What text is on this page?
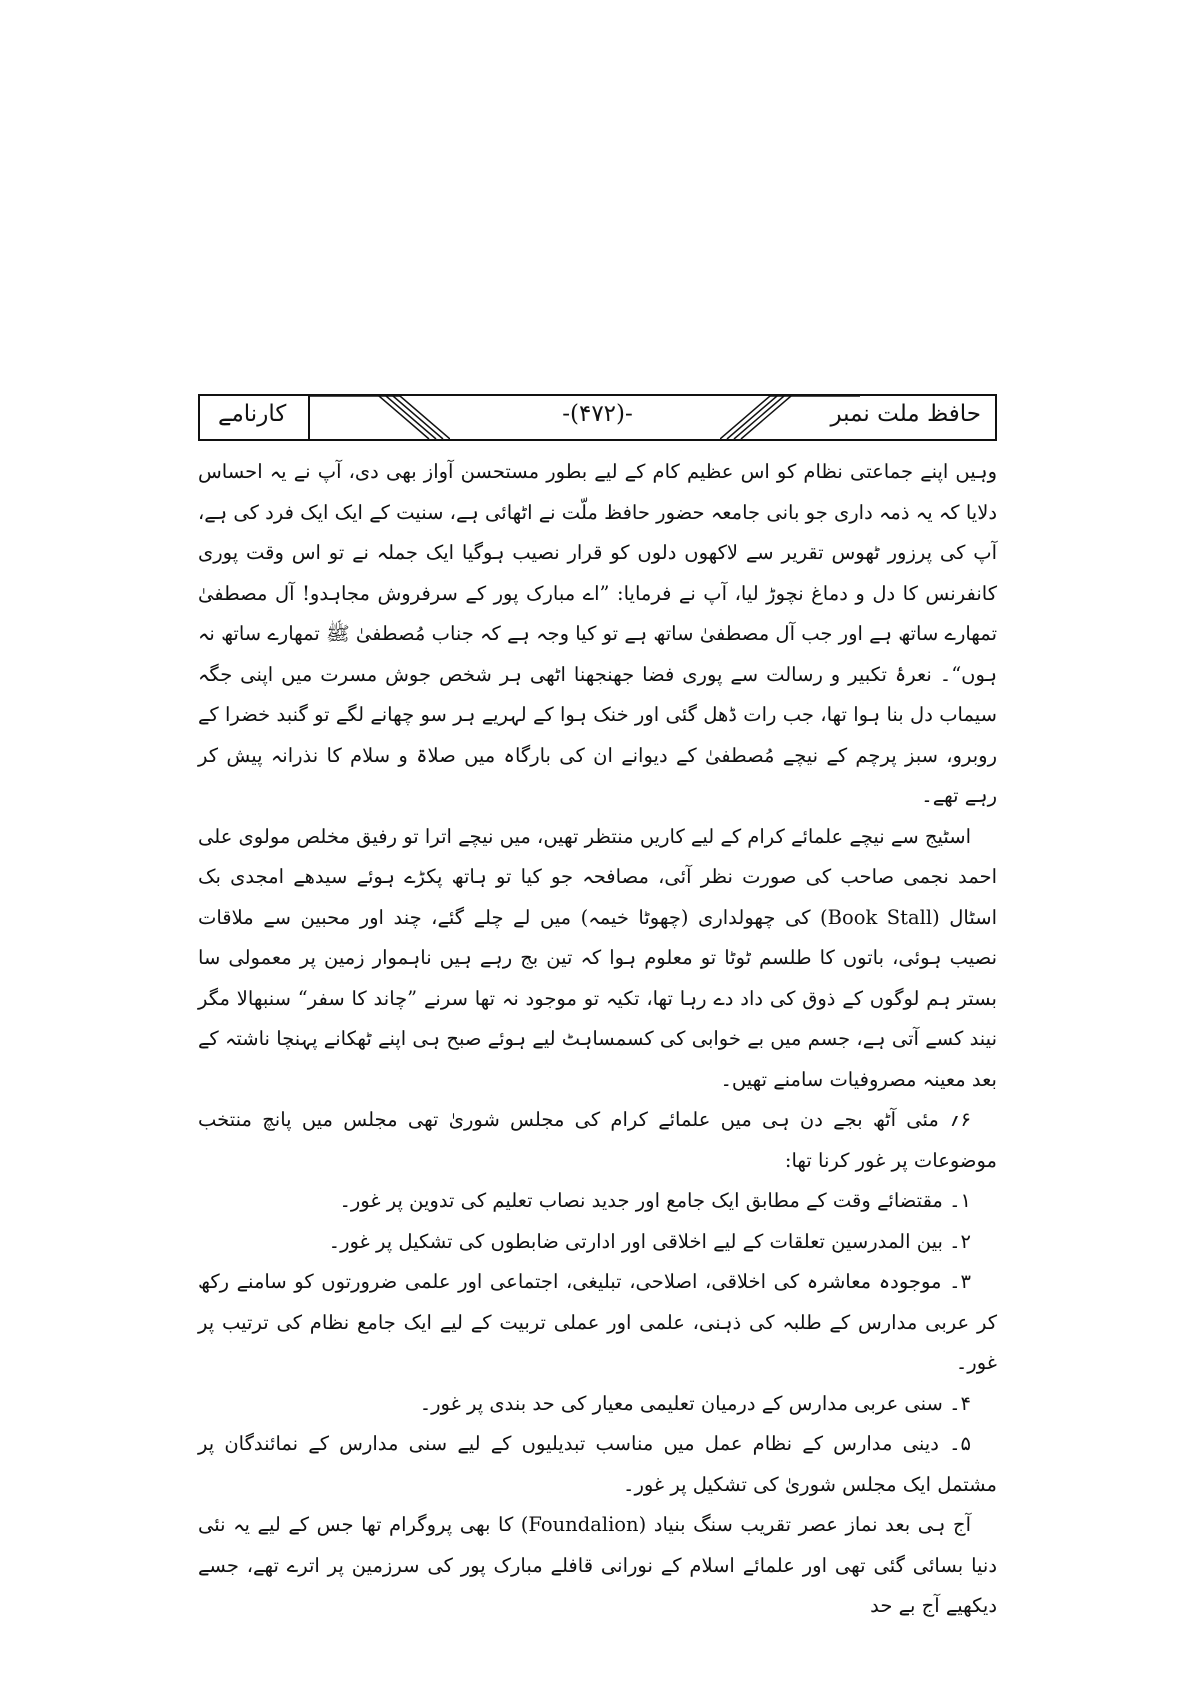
حافظ ملت نمبر
-(۴۷۲)-
کارنامے

وہیں اپنے جماعتی نظام کو اس عظیم کام کے لیے بطور مستحسن آواز بھی دی، آپ نے یہ احساس دلایا کہ یہ ذمہ داری جو بانی جامعہ حضور حافظ ملّت نے اٹھائی ہے، سنیت کے ایک ایک فرد کی ہے، آپ کی پرزور ٹھوس تقریر سے لاکھوں دلوں کو قرار نصیب ہوگیا ایک جملہ نے تو اس وقت پوری کانفرنس کا دل و دماغ نچوڑ لیا، آپ نے فرمایا: ”اے مبارک پور کے سرفروش مجاہدو! آل مصطفیٰ تمھارے ساتھ ہے اور جب آل مصطفیٰ ساتھ ہے تو کیا وجہ ہے کہ جناب مُصطفیٰ ﷺ تمھارے ساتھ نہ ہوں“۔ نعرۂ تکبیر و رسالت سے پوری فضا جھنجھنا اٹھی ہر شخص جوش مسرت میں اپنی جگہ سیماب دل بنا ہوا تھا، جب رات ڈھل گئی اور خنک ہوا کے لہریے ہر سو چھانے لگے تو گنبد خضرا کے روبرو، سبز پرچم کے نیچے مُصطفیٰ کے دیوانے ان کی بارگاہ میں صلاۃ و سلام کا نذرانہ پیش کر رہے تھے۔

اسٹیج سے نیچے علمائے کرام کے لیے کاریں منتظر تھیں، میں نیچے اترا تو رفیق مخلص مولوی علی احمد نجمی صاحب کی صورت نظر آئی، مصافحہ جو کیا تو ہاتھ پکڑے ہوئے سیدھے امجدی بک اسٹال (Book Stall) کی چھولداری (چھوٹا خیمہ) میں لے چلے گئے، چند اور محبین سے ملاقات نصیب ہوئی، باتوں کا طلسم ٹوٹا تو معلوم ہوا کہ تین بج رہے ہیں ناہموار زمین پر معمولی سا بستر ہم لوگوں کے ذوق کی داد دے رہا تھا، تکیہ تو موجود نہ تھا سرنے ”چاند کا سفر“ سنبھالا مگر نیند کسے آتی ہے، جسم میں بے خوابی کی کسمساہٹ لیے ہوئے صبح ہی اپنے ٹھکانے پہنچا ناشتہ کے بعد معینہ مصروفیات سامنے تھیں۔

۶؍ مئی آٹھ بجے دن ہی میں علمائے کرام کی مجلس شوریٰ تھی مجلس میں پانچ منتخب موضوعات پر غور کرنا تھا:

۱۔ مقتضائے وقت کے مطابق ایک جامع اور جدید نصاب تعلیم کی تدوین پر غور۔

۲۔ بین المدرسین تعلقات کے لیے اخلاقی اور ادارتی ضابطوں کی تشکیل پر غور۔

۳۔ موجودہ معاشرہ کی اخلاقی، اصلاحی، تبلیغی، اجتماعی اور علمی ضرورتوں کو سامنے رکھ کر عربی مدارس کے طلبہ کی ذہنی، علمی اور عملی تربیت کے لیے ایک جامع نظام کی ترتیب پر غور۔

۴۔ سنی عربی مدارس کے درمیان تعلیمی معیار کی حد بندی پر غور۔

۵۔ دینی مدارس کے نظام عمل میں مناسب تبدیلیوں کے لیے سنی مدارس کے نمائندگان پر مشتمل ایک مجلس شوریٰ کی تشکیل پر غور۔

آج ہی بعد نماز عصر تقریب سنگ بنیاد (Foundalion) کا بھی پروگرام تھا جس کے لیے یہ نئی دنیا بسائی گئی تھی اور علمائے اسلام کے نورانی قافلے مبارک پور کی سرزمین پر اترے تھے، جسے دیکھیے آج بے حد
